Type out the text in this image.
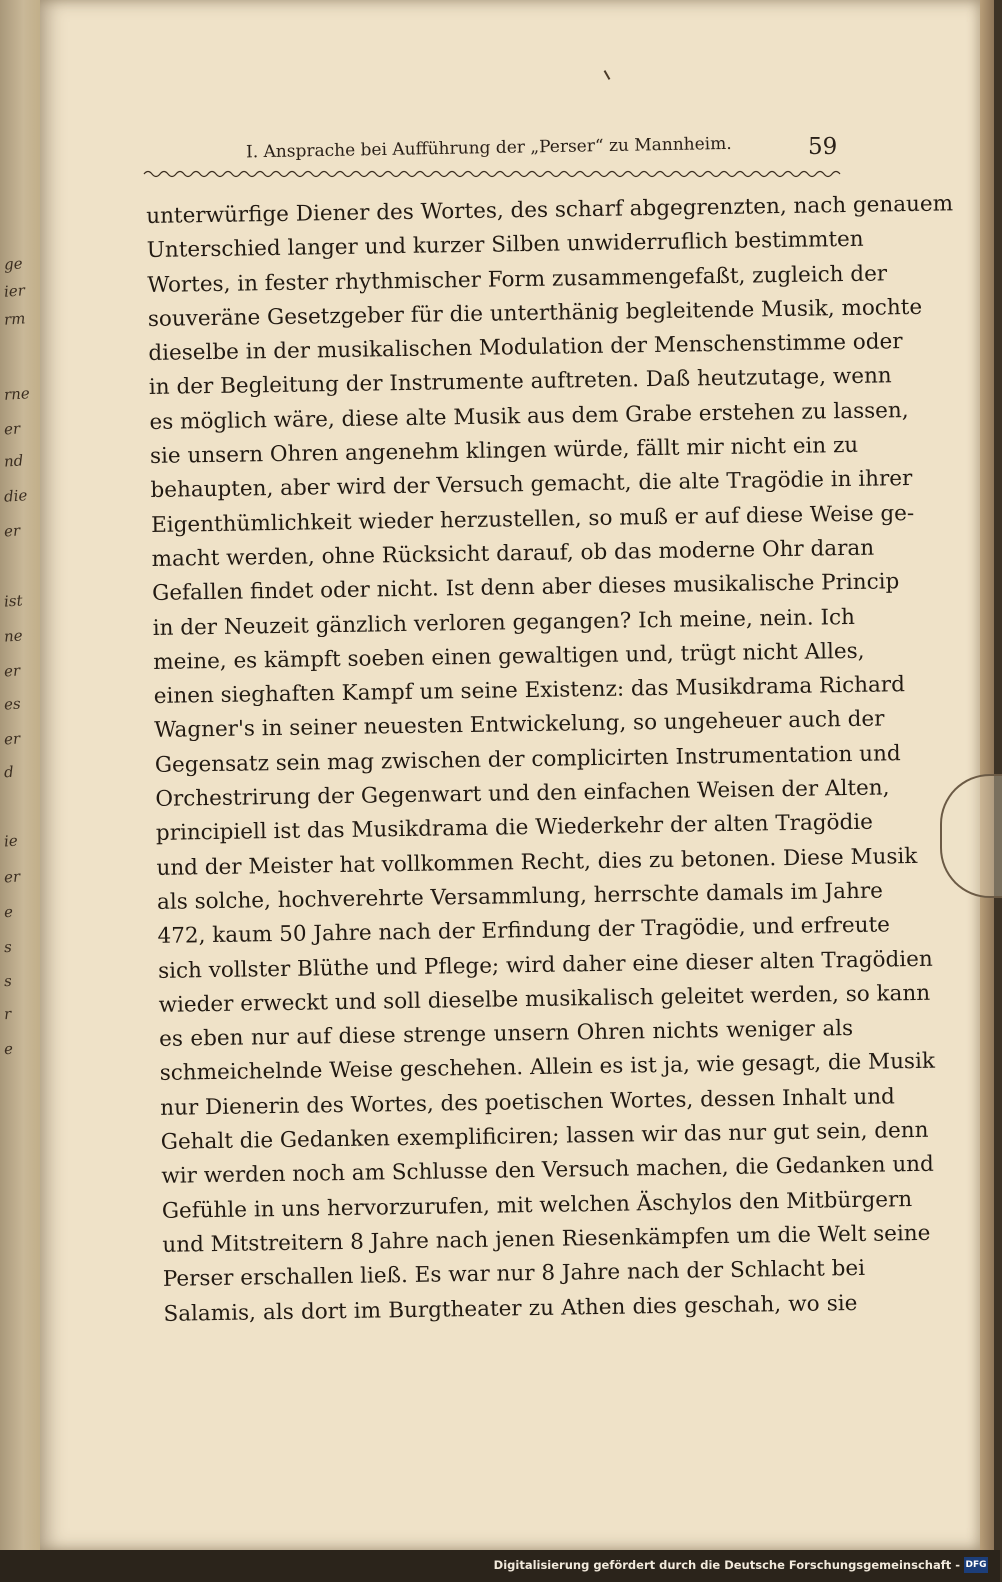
ge
ier
rm
rne
er
nd
die
er
ist
ne
er
es
er
d
ie
er
e
s
s
r
e
I. Ansprache bei Aufführung der „Perser“ zu Mannheim.	59
unterwürfige Diener des Wortes, des scharf abgegrenzten, nach genauem
Unterschied langer und kurzer Silben unwiderruflich bestimmten
Wortes, in fester rhythmischer Form zusammengefaßt, zugleich der
souveräne Gesetzgeber für die unterthänig begleitende Musik, mochte
dieselbe in der musikalischen Modulation der Menschenstimme oder
in der Begleitung der Instrumente auftreten. Daß heutzutage, wenn
es möglich wäre, diese alte Musik aus dem Grabe erstehen zu lassen,
sie unsern Ohren angenehm klingen würde, fällt mir nicht ein zu
behaupten, aber wird der Versuch gemacht, die alte Tragödie in ihrer
Eigenthümlichkeit wieder herzustellen, so muß er auf diese Weise ge-
macht werden, ohne Rücksicht darauf, ob das moderne Ohr daran
Gefallen findet oder nicht. Ist denn aber dieses musikalische Princip
in der Neuzeit gänzlich verloren gegangen? Ich meine, nein. Ich
meine, es kämpft soeben einen gewaltigen und, trügt nicht Alles,
einen sieghaften Kampf um seine Existenz: das Musikdrama Richard
Wagner's in seiner neuesten Entwickelung, so ungeheuer auch der
Gegensatz sein mag zwischen der complicirten Instrumentation und
Orchestrirung der Gegenwart und den einfachen Weisen der Alten,
principiell ist das Musikdrama die Wiederkehr der alten Tragödie
und der Meister hat vollkommen Recht, dies zu betonen. Diese Musik
als solche, hochverehrte Versammlung, herrschte damals im Jahre
472, kaum 50 Jahre nach der Erfindung der Tragödie, und erfreute
sich vollster Blüthe und Pflege; wird daher eine dieser alten Tragödien
wieder erweckt und soll dieselbe musikalisch geleitet werden, so kann
es eben nur auf diese strenge unsern Ohren nichts weniger als
schmeichelnde Weise geschehen. Allein es ist ja, wie gesagt, die Musik
nur Dienerin des Wortes, des poetischen Wortes, dessen Inhalt und
Gehalt die Gedanken exemplificiren; lassen wir das nur gut sein, denn
wir werden noch am Schlusse den Versuch machen, die Gedanken und
Gefühle in uns hervorzurufen, mit welchen Äschylos den Mitbürgern
und Mitstreitern 8 Jahre nach jenen Riesenkämpfen um die Welt seine
Perser erschallen ließ. Es war nur 8 Jahre nach der Schlacht bei
Salamis, als dort im Burgtheater zu Athen dies geschah, wo sie
Digitalisierung gefördert durch die Deutsche Forschungsgemeinschaft - DFG
